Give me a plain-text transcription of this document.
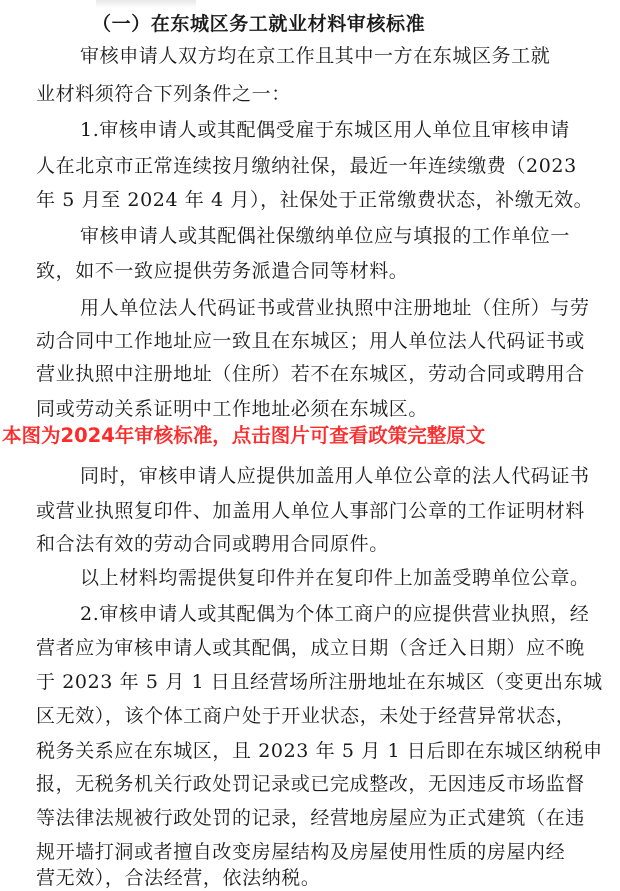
（一）在东城区务工就业材料审核标准
审核申请人双方均在京工作且其中一方在东城区务工就
业材料须符合下列条件之一：
1.审核申请人或其配偶受雇于东城区用人单位且审核申请
人在北京市正常连续按月缴纳社保，最近一年连续缴费（2023
年 5 月至 2024 年 4 月），社保处于正常缴费状态，补缴无效。
审核申请人或其配偶社保缴纳单位应与填报的工作单位一
致，如不一致应提供劳务派遣合同等材料。
用人单位法人代码证书或营业执照中注册地址（住所）与劳
动合同中工作地址应一致且在东城区；用人单位法人代码证书或
营业执照中注册地址（住所）若不在东城区，劳动合同或聘用合
同或劳动关系证明中工作地址必须在东城区。
本图为2024年审核标准，点击图片可查看政策完整原文
同时，审核申请人应提供加盖用人单位公章的法人代码证书
或营业执照复印件、加盖用人单位人事部门公章的工作证明材料
和合法有效的劳动合同或聘用合同原件。
以上材料均需提供复印件并在复印件上加盖受聘单位公章。
2.审核申请人或其配偶为个体工商户的应提供营业执照，经
营者应为审核申请人或其配偶，成立日期（含迁入日期）应不晚
于 2023 年 5 月 1 日且经营场所注册地址在东城区（变更出东城
区无效），该个体工商户处于开业状态，未处于经营异常状态，
税务关系应在东城区，且 2023 年 5 月 1 日后即在东城区纳税申
报，无税务机关行政处罚记录或已完成整改，无因违反市场监督
等法律法规被行政处罚的记录，经营地房屋应为正式建筑（在违
规开墙打洞或者擅自改变房屋结构及房屋使用性质的房屋内经
营无效），合法经营，依法纳税。
